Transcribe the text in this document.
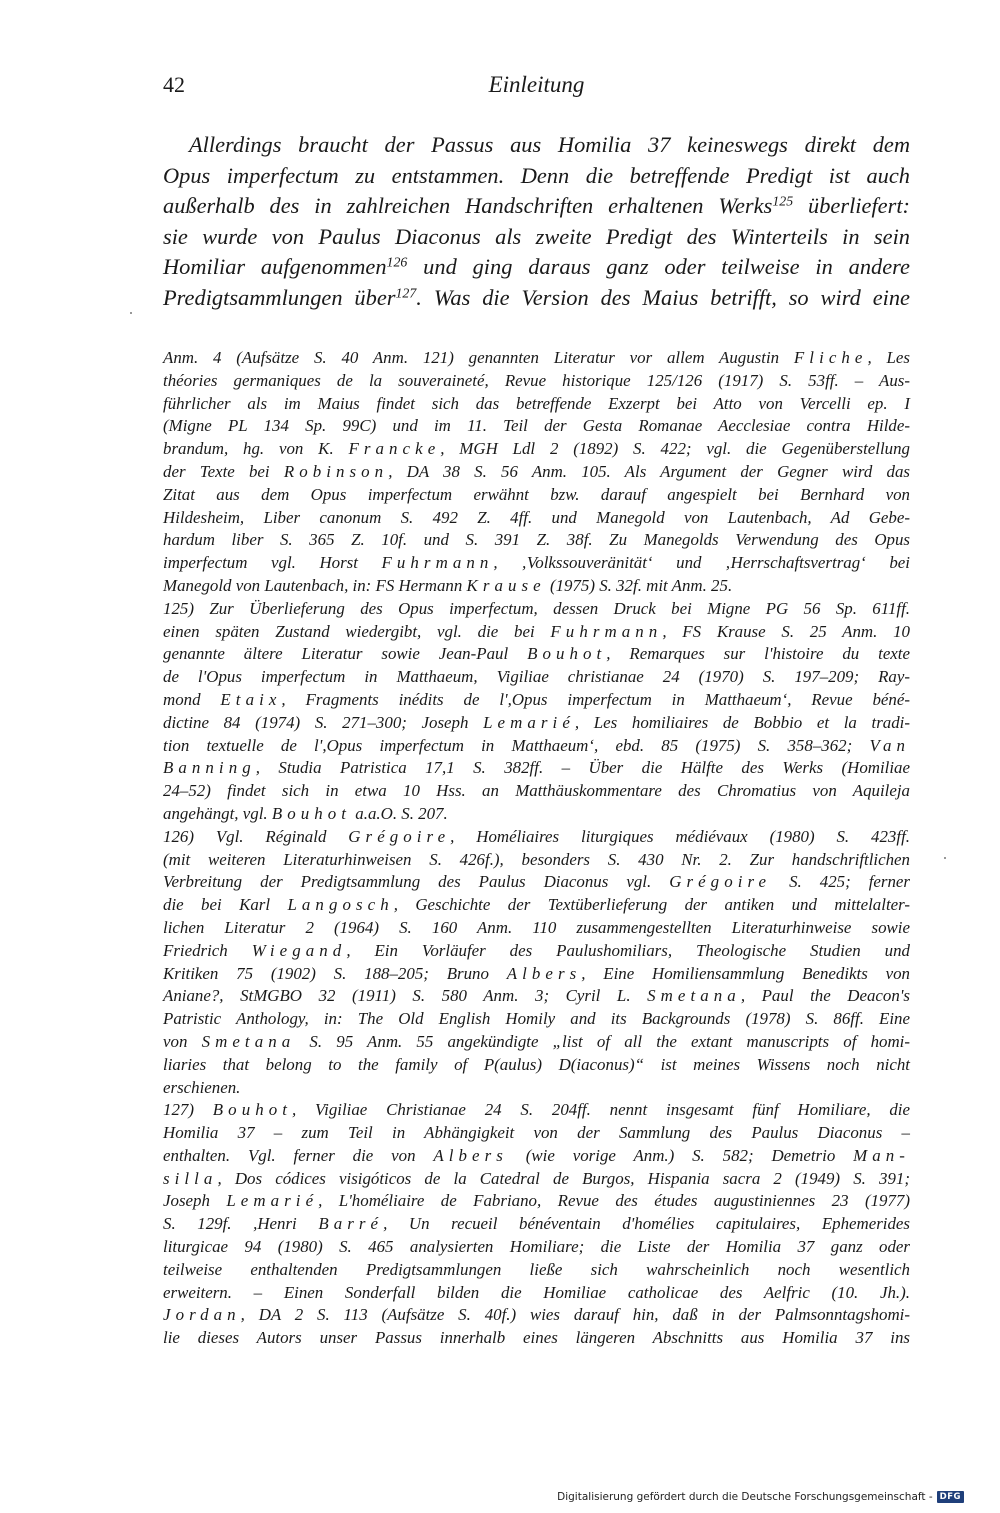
42	Einleitung
Allerdings braucht der Passus aus Homilia 37 keineswegs direkt dem
Opus imperfectum zu entstammen. Denn die betreffende Predigt ist auch
außerhalb des in zahlreichen Handschriften erhaltenen Werks$^{125}$ überliefert:
sie wurde von Paulus Diaconus als zweite Predigt des Winterteils in sein
Homiliar aufgenommen$^{126}$ und ging daraus ganz oder teilweise in andere
Predigtsammlungen über$^{127}$. Was die Version des Maius betrifft, so wird eine
Anm. 4 (Aufsätze S. 40 Anm. 121) genannten Literatur vor allem Augustin Fliche, Les
théories germaniques de la souveraineté, Revue historique 125/126 (1917) S. 53ff. – Aus-
führlicher als im Maius findet sich das betreffende Exzerpt bei Atto von Vercelli ep. I
(Migne PL 134 Sp. 99C) und im 11. Teil der Gesta Romanae Aecclesiae contra Hilde-
brandum, hg. von K. Francke, MGH Ldl 2 (1892) S. 422; vgl. die Gegenüberstellung
der Texte bei Robinson, DA 38 S. 56 Anm. 105. Als Argument der Gegner wird das
Zitat aus dem Opus imperfectum erwähnt bzw. darauf angespielt bei Bernhard von
Hildesheim, Liber canonum S. 492 Z. 4ff. und Manegold von Lautenbach, Ad Gebe-
hardum liber S. 365 Z. 10f. und S. 391 Z. 38f. Zu Manegolds Verwendung des Opus
imperfectum vgl. Horst Fuhrmann, ‚Volkssouveränität‘ und ‚Herrschaftsvertrag‘ bei
Manegold von Lautenbach, in: FS Hermann Krause (1975) S. 32f. mit Anm. 25.
125) Zur Überlieferung des Opus imperfectum, dessen Druck bei Migne PG 56 Sp. 611ff.
einen späten Zustand wiedergibt, vgl. die bei Fuhrmann, FS Krause S. 25 Anm. 10
genannte ältere Literatur sowie Jean-Paul Bouhot, Remarques sur l'histoire du texte
de l'Opus imperfectum in Matthaeum, Vigiliae christianae 24 (1970) S. 197–209; Ray-
mond Etaix, Fragments inédits de l',Opus imperfectum in Matthaeum‘, Revue béné-
dictine 84 (1974) S. 271–300; Joseph Lemarié, Les homiliaires de Bobbio et la tradi-
tion textuelle de l',Opus imperfectum in Matthaeum‘, ebd. 85 (1975) S. 358–362; Van
Banning, Studia Patristica 17,1 S. 382ff. – Über die Hälfte des Werks (Homiliae
24–52) findet sich in etwa 10 Hss. an Matthäuskommentare des Chromatius von Aquileja
angehängt, vgl. Bouhot a.a.O. S. 207.
126) Vgl. Réginald Grégoire, Homéliaires liturgiques médiévaux (1980) S. 423ff.
(mit weiteren Literaturhinweisen S. 426f.), besonders S. 430 Nr. 2. Zur handschriftlichen
Verbreitung der Predigtsammlung des Paulus Diaconus vgl. Grégoire S. 425; ferner
die bei Karl Langosch, Geschichte der Textüberlieferung der antiken und mittelalter-
lichen Literatur 2 (1964) S. 160 Anm. 110 zusammengestellten Literaturhinweise sowie
Friedrich Wiegand, Ein Vorläufer des Paulushomiliars, Theologische Studien und
Kritiken 75 (1902) S. 188–205; Bruno Albers, Eine Homiliensammlung Benedikts von
Aniane?, StMGBO 32 (1911) S. 580 Anm. 3; Cyril L. Smetana, Paul the Deacon's
Patristic Anthology, in: The Old English Homily and its Backgrounds (1978) S. 86ff. Eine
von Smetana S. 95 Anm. 55 angekündigte „list of all the extant manuscripts of homi-
liaries that belong to the family of P(aulus) D(iaconus)“ ist meines Wissens noch nicht
erschienen.
127) Bouhot, Vigiliae Christianae 24 S. 204ff. nennt insgesamt fünf Homiliare, die
Homilia 37 – zum Teil in Abhängigkeit von der Sammlung des Paulus Diaconus –
enthalten. Vgl. ferner die von Albers (wie vorige Anm.) S. 582; Demetrio Man-
silla, Dos códices visigóticos de la Catedral de Burgos, Hispania sacra 2 (1949) S. 391;
Joseph Lemarié, L'homéliaire de Fabriano, Revue des études augustiniennes 23 (1977)
S. 129f. ,Henri Barré, Un recueil bénéventain d'homélies capitulaires, Ephemerides
liturgicae 94 (1980) S. 465 analysierten Homiliare; die Liste der Homilia 37 ganz oder
teilweise enthaltenden Predigtsammlungen ließe sich wahrscheinlich noch wesentlich
erweitern. – Einen Sonderfall bilden die Homiliae catholicae des Aelfric (10. Jh.).
Jordan, DA 2 S. 113 (Aufsätze S. 40f.) wies darauf hin, daß in der Palmsonntagshomi-
lie dieses Autors unser Passus innerhalb eines längeren Abschnitts aus Homilia 37 ins
Digitalisierung gefördert durch die Deutsche Forschungsgemeinschaft - DFG
